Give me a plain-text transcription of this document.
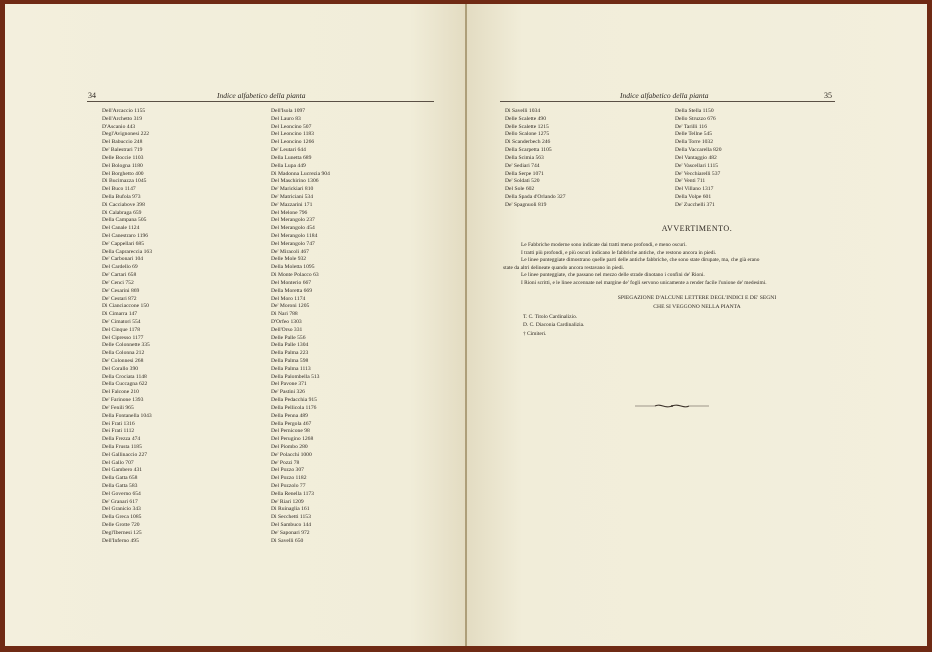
34	Indice alfabetico della pianta
Dell'Arcaccio 1155
Dell'Archetto 319
D'Ascanio 443
Degl'Avignonesi 222
Del Babuccio 248
De' Balestrari 719
Delle Boccie 1103
Del Bologna 1180
Del Borghetto 400
Di Bucimazza 1045
Del Buco 1147
Della Bufola 973
Di Cacciabove 398
Di Calabraga 659
Della Campana 505
Del Canale 1124
Del Canestraro 1196
De' Cappellari 685
Della Caprareccia 163
De' Carbonari 104
Del Cardello 69
De' Cartari 658
De' Cenci 752
De' Cesarini 869
De' Cestari 872
Di Cianciaccone 150
Di Cimarra 147
De' Cimatori 554
Del Cinque 1178
Del Cipresso 1177
Delle Colonnette 335
Della Colonna 212
De' Colonnesi 268
Del Corallo 390
Della Crociata 1148
Della Cuccagna 622
Del Falcone 210
De' Farinone 1393
De' Fenili 965
Della Fontanella 1043
Dei Frati 1316
Dei Frati 1112
Della Frezza 474
Della Frusta 1185
Del Gallinaccio 227
Del Gallo 707
Del Gambero 431
Della Gatta 658
Della Gatta 583
Del Governo 654
De' Granari 617
Del Granicio 343
Della Greca 1085
Delle Grotte 720
Degl'Ibernesi 125
Dell'Inferno 495
Dell'Isola 1097
Del Lauro 83
Del Leoncino 507
Del Leoncino 1183
Del Leoncino 1266
De' Leutari 644
Della Lunetta 689
Della Lupa 449
Di Madonna Lucrezia 904
Del Maschirino 1306
De' Marickiari 810
De' Matriciani 534
De' Mazzarini 171
Del Melone 796
Del Merangolo 237
Del Merangolo 454
Del Merangolo 1184
Del Merangolo 747
De' Miracoli 467
Delle Mole 932
Della Moletta 1095
Di Monte Polacco 63
Del Monterio 667
Della Moretta 669
Del Moro 1174
De' Moroni 1205
Di Nari 788
D'Orfeo 1303
Dell'Orso 331
Delle Palle 556
Della Palle 1304
Della Palma 223
Della Palma 598
Della Palma 1113
Della Palombella 513
Del Pavone 371
De' Pastini 326
Della Pedacchia 915
Della Pellicola 1176
Della Penna 489
Della Pergola 467
Del Pernicone 98
Del Perugino 1268
Del Piombo 280
De' Polacchi 1000
De' Pozzi 78
Del Pozzo 307
Del Pozzo 1182
Del Pozzolo 77
Della Renella 1173
De' Riari 1209
Di Ruinaglia 161
Di Secchetti 1153
Del Sambuco 144
De' Saponari 972
Di Savelli 650
Indice alfabetico della pianta	35
Di Savelli 1034
Delle Scalette 490
Delle Scalette 1215
Dello Scalone 1275
Di Scanderbech 246
Della Scarpetta 1105
Della Scimia 563
De' Sediari 744
Della Serpe 1071
De' Soldati 520
Del Sole 602
Della Spada d'Orlando 327
De' Spagnuoli 819
Della Stella 1150
Dello Struzzo 676
De' Tarilli 116
Delle Tellne 545
Della Torre 1032
Della Vaccarella 820
Del Vantaggio 482
De' Vascellari 1115
De' Vecchiarelli 537
De' Venti 711
Del Villano 1317
Della Volpe 601
De' Zucchelli 371
AVVERTIMENTO.
Le Fabbriche moderne sono indicate dai tratti meno profondi, e meno oscuri.
I tratti più profondi, e più oscuri indicano le fabbriche antiche, che restono ancora in piedi.
Le linee punteggiate dimostrano quelle parti delle antiche fabbriche, che sono state dirupate, ma, che già erano
state da altri delineate quando ancora restavano in piedi.
Le linee punteggiate, che passano nel mezzo delle strade dinotano i confini de' Rioni.
I Rioni scritti, e le linee accennate nel margine de' fogli servono unicamente a render facile l'unione de' medesimi.
SPIEGAZIONE D'ALCUNE LETTERE DEGL'INDICI E DE' SEGNI
CHE SI VEGGONO NELLA PIANTA
T. C. Titolo Cardinalizio.
D. C. Diaconia Cardinalizia.
† Cimiteri.
